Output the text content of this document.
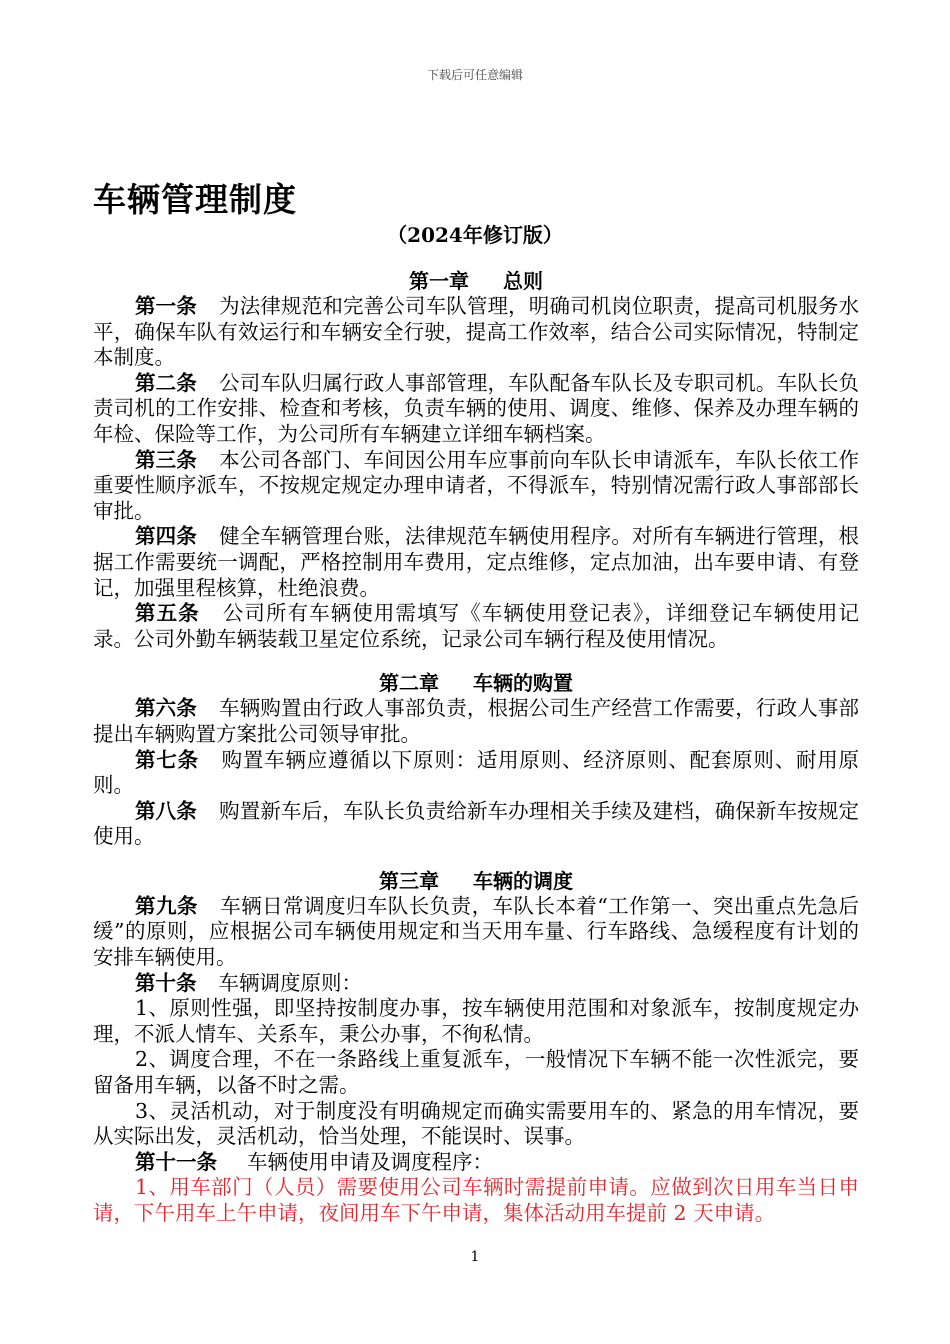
下载后可任意编辑
车辆管理制度
（2024年修订版）
第一章 总则

第一条 为法律规范和完善公司车队管理，明确司机岗位职责，提高司机服务水平，确保车队有效运行和车辆安全行驶，提高工作效率，结合公司实际情况，特制定本制度。

第二条 公司车队归属行政人事部管理，车队配备车队长及专职司机。车队长负责司机的工作安排、检查和考核，负责车辆的使用、调度、维修、保养及办理车辆的年检、保险等工作，为公司所有车辆建立详细车辆档案。

第三条 本公司各部门、车间因公用车应事前向车队长申请派车，车队长依工作重要性顺序派车，不按规定规定办理申请者，不得派车，特别情况需行政人事部部长审批。

第四条 健全车辆管理台账，法律规范车辆使用程序。对所有车辆进行管理，根据工作需要统一调配，严格控制用车费用，定点维修，定点加油，出车要申请、有登记，加强里程核算，杜绝浪费。

第五条 公司所有车辆使用需填写《车辆使用登记表》，详细登记车辆使用记录。公司外勤车辆装载卫星定位系统，记录公司车辆行程及使用情况。

第二章 车辆的购置

第六条 车辆购置由行政人事部负责，根据公司生产经营工作需要，行政人事部提出车辆购置方案批公司领导审批。

第七条 购置车辆应遵循以下原则：适用原则、经济原则、配套原则、耐用原则。

第八条 购置新车后，车队长负责给新车办理相关手续及建档，确保新车按规定使用。

第三章 车辆的调度

第九条 车辆日常调度归车队长负责，车队长本着“工作第一、突出重点先急后缓”的原则，应根据公司车辆使用规定和当天用车量、行车路线、急缓程度有计划的安排车辆使用。

第十条 车辆调度原则：

1、原则性强，即坚持按制度办事，按车辆使用范围和对象派车，按制度规定办理，不派人情车、关系车，秉公办事，不徇私情。

2、调度合理，不在一条路线上重复派车，一般情况下车辆不能一次性派完，要留备用车辆，以备不时之需。

3、灵活机动，对于制度没有明确规定而确实需要用车的、紧急的用车情况，要从实际出发，灵活机动，恰当处理，不能误时、误事。

第十一条 车辆使用申请及调度程序：

1、用车部门（人员）需要使用公司车辆时需提前申请。应做到次日用车当日申请，下午用车上午申请，夜间用车下午申请，集体活动用车提前 2 天申请。

1
